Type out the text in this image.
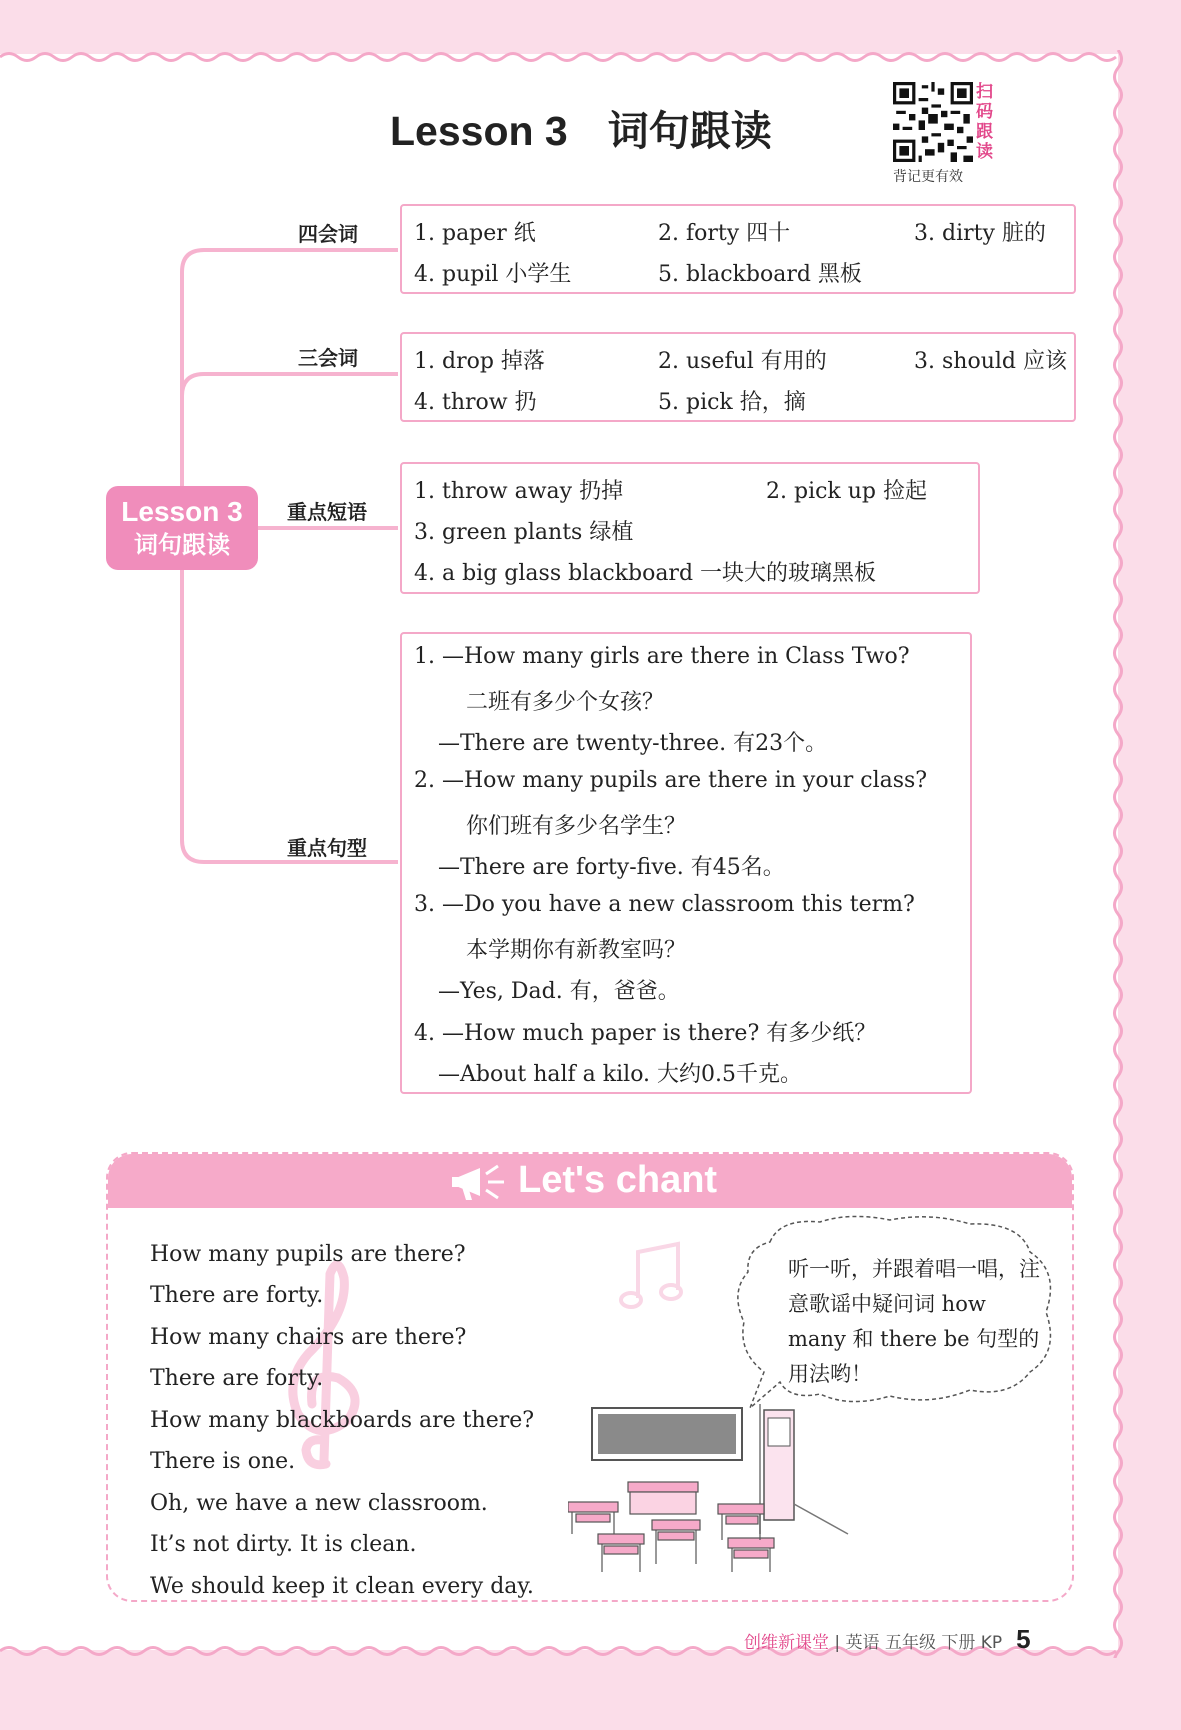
Lesson 3 词句跟读
扫码跟读
背记更有效
Lesson 3
词句跟读
四会词
三会词
重点短语
重点句型
1. paper 纸	2. forty 四十	3. dirty 脏的
4. pupil 小学生	5. blackboard 黑板
1. drop 掉落	2. useful 有用的	3. should 应该
4. throw 扔	5. pick 拾，摘
1. throw away 扔掉	2. pick up 捡起
3. green plants 绿植
4. a big glass blackboard 一块大的玻璃黑板
1. —How many girls are there in Class Two?
二班有多少个女孩？
—There are twenty-three. 有23个。
2. —How many pupils are there in your class?
你们班有多少名学生？
—There are forty-five. 有45名。
3. —Do you have a new classroom this term?
本学期你有新教室吗？
—Yes, Dad. 有，爸爸。
4. —How much paper is there? 有多少纸？
—About half a kilo. 大约0.5千克。
Let's chant
How many pupils are there?
There are forty.
How many chairs are there?
There are forty.
How many blackboards are there?
There is one.
Oh, we have a new classroom.
It’s not dirty. It is clean.
We should keep it clean every day.
听一听，并跟着唱一唱，注意歌谣中疑问词 how many 和 there be 句型的用法哟！
创维新课堂 | 英语 五年级 下册 KP 5
